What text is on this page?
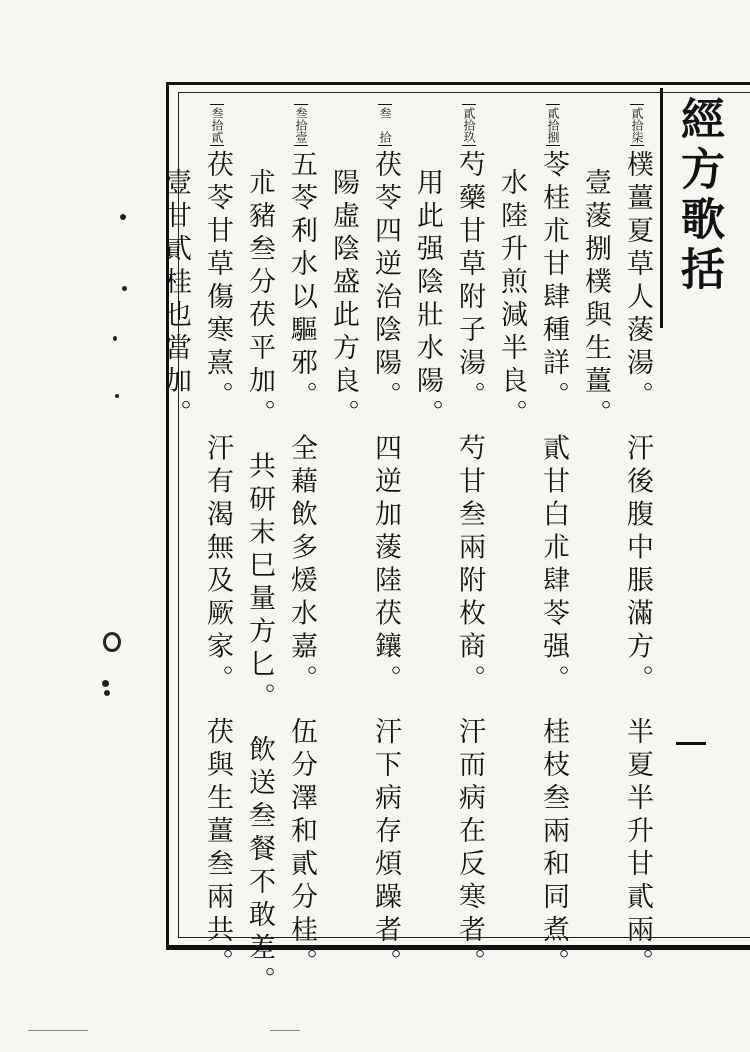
經方歌括
貳拾柒樸薑夏草人蔆湯。　汗後腹中脹滿方。　半夏半升甘貳兩。
壹蔆捌樸與生薑。
貳拾捌苓桂朮甘肆種詳。　貳甘白朮肆苓强。　桂枝叁兩和同煮。
水陸升煎減半良。
貳拾玖芍藥甘草附子湯。　芍甘叁兩附枚商。　汗而病在反寒者。
用此强陰壯水陽。
叁　拾茯苓四逆治陰陽。　四逆加蔆陸茯鑲。　汗下病存煩躁者。
陽虛陰盛此方良。
叁拾壹五苓利水以驅邪。　全藉飲多煖水嘉。　伍分澤和貳分桂。
朮豬叁分茯平加。　共研末巳量方匕。　飲送叁餐不敢差。
叁拾貳茯苓甘草傷寒熹。　汗有渴無及厥家。　茯與生薑叁兩共。
壹甘貳桂也當加。
